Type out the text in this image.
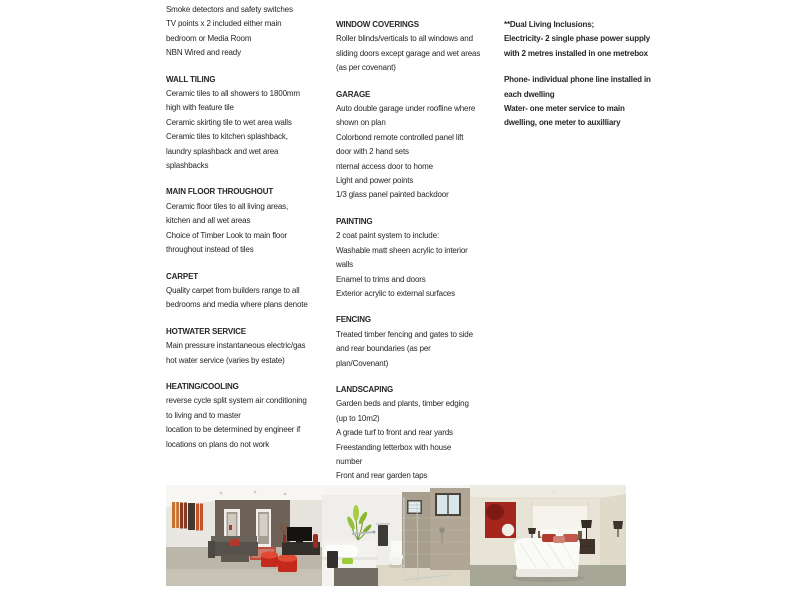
Smoke detectors and safety switches
TV points x 2 included either main
bedroom or Media Room
NBN Wired and ready
WALL TILING
Ceramic tiles to all showers to 1800mm
high with feature tile
Ceramic skirting tile to wet area walls
Ceramic tiles to kitchen splashback,
laundry splashback and wet area
splashbacks
MAIN FLOOR THROUGHOUT
Ceramic floor tiles to all living areas,
kitchen and all wet areas
Choice of Timber Look to main floor
throughout instead of tiles
CARPET
Quality carpet from builders range to all
bedrooms and media where plans denote
HOTWATER SERVICE
Main pressure instantaneous electric/gas
hot water service (varies by estate)
HEATING/COOLING
reverse cycle split system air conditioning
to living and to master
location to be determined by engineer if
locations on plans do not work
WINDOW COVERINGS
Roller blinds/verticals to all windows and
sliding doors except garage and wet areas
(as per covenant)
GARAGE
Auto double garage under roofline where
shown on plan
Colorbond remote controlled panel lift
door with 2 hand sets
nternal access door to home
Light and power points
1/3 glass panel painted backdoor
PAINTING
2 coat paint system to include:
Washable matt sheen acrylic to interior
walls
Enamel to trims and doors
Exterior acrylic to external surfaces
FENCING
Treated timber fencing and gates to side
and rear boundaries (as per
plan/Covenant)
LANDSCAPING
Garden beds and plants, timber edging
(up to 10m2)
A grade turf to front and rear yards
Freestanding letterbox with house
number
Front and rear garden taps
**Dual Living Inclusions;
Electricity- 2 single phase power supply
with 2 metres installed in one metrebox
Phone- individual phone line installed in
each dwelling
Water- one meter service to main
dwelling, one meter to auxilliary
